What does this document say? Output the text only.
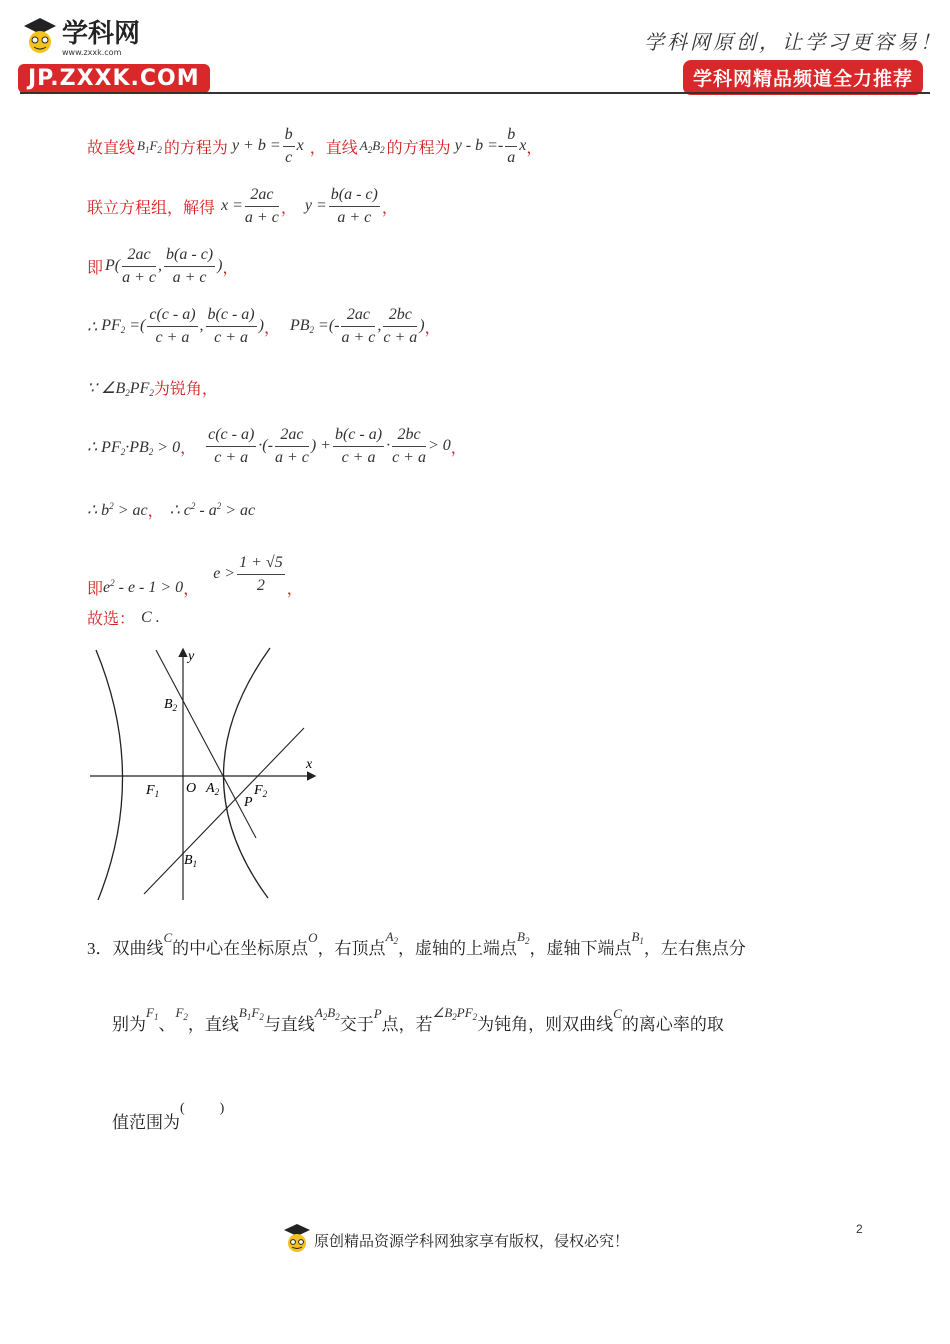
学科网
www.zxxk.com
JP.ZXXK.COM
学科网原创，让学习更容易！
学科网精品频道全力推荐
故直线 $B_1F_2$ 的方程为 $y + b = \frac{b}{c}$ x ，直线 $A_2B_2$ 的方程为 $y - b =- \frac{b}{a}$ x ，
联立方程组，解得 $x = \frac{2ac}{a + c}$ ， $y = \frac{b(a - c)}{a + c}$ ，
即 $P( \frac{2ac}{a + c}$ , $\frac{b(a - c)}{a + c}$ ) ，
∴ $PF_2$ =( $\frac{c(c - a)}{c + a}$ , $\frac{b(c - a)}{c + a}$ ) ， $PB_2$ =(- $\frac{2ac}{a + c}$ , $\frac{2bc}{c + a}$ ) ，
∵ $\angle B_2PF_2$ 为锐角，
∴ $PF_2\cdot PB_2 > 0$ ， $\frac{c(c - a)}{c + a}$ ·(- $\frac{2ac}{a + c}$ ) + $\frac{b(c - a)}{c + a} \cdot \frac{2bc}{c + a} > 0$ ，
∴ $b^2$ > ac ， ∴ $c^2 - a^2$ > ac
即 $e^2 - e - 1 > 0$ ，
$e > \frac{1 + √5}{2}$ ，
故选： C .
y
x
$B_2$
$F_1$ O $A_2$ $F_2$
P
$B_1$
3． 双曲线
C
的中心在坐标原点
O
，右顶点
$A_2$ ，虚轴的上端点
$B_2$ ，虚轴下端点
$B_1$ ，左右焦点分
别为
$F_1$ 、
$F_2$ ，直线
$B_1F_2$ 与直线
$A_2B_2$ 交于
P
点，若
$\angle B_2PF_2$ 为钝角，则双曲线
C
的离心率的取
值范围为
(          )
2
原创精品资源学科网独家享有版权，侵权必究！
